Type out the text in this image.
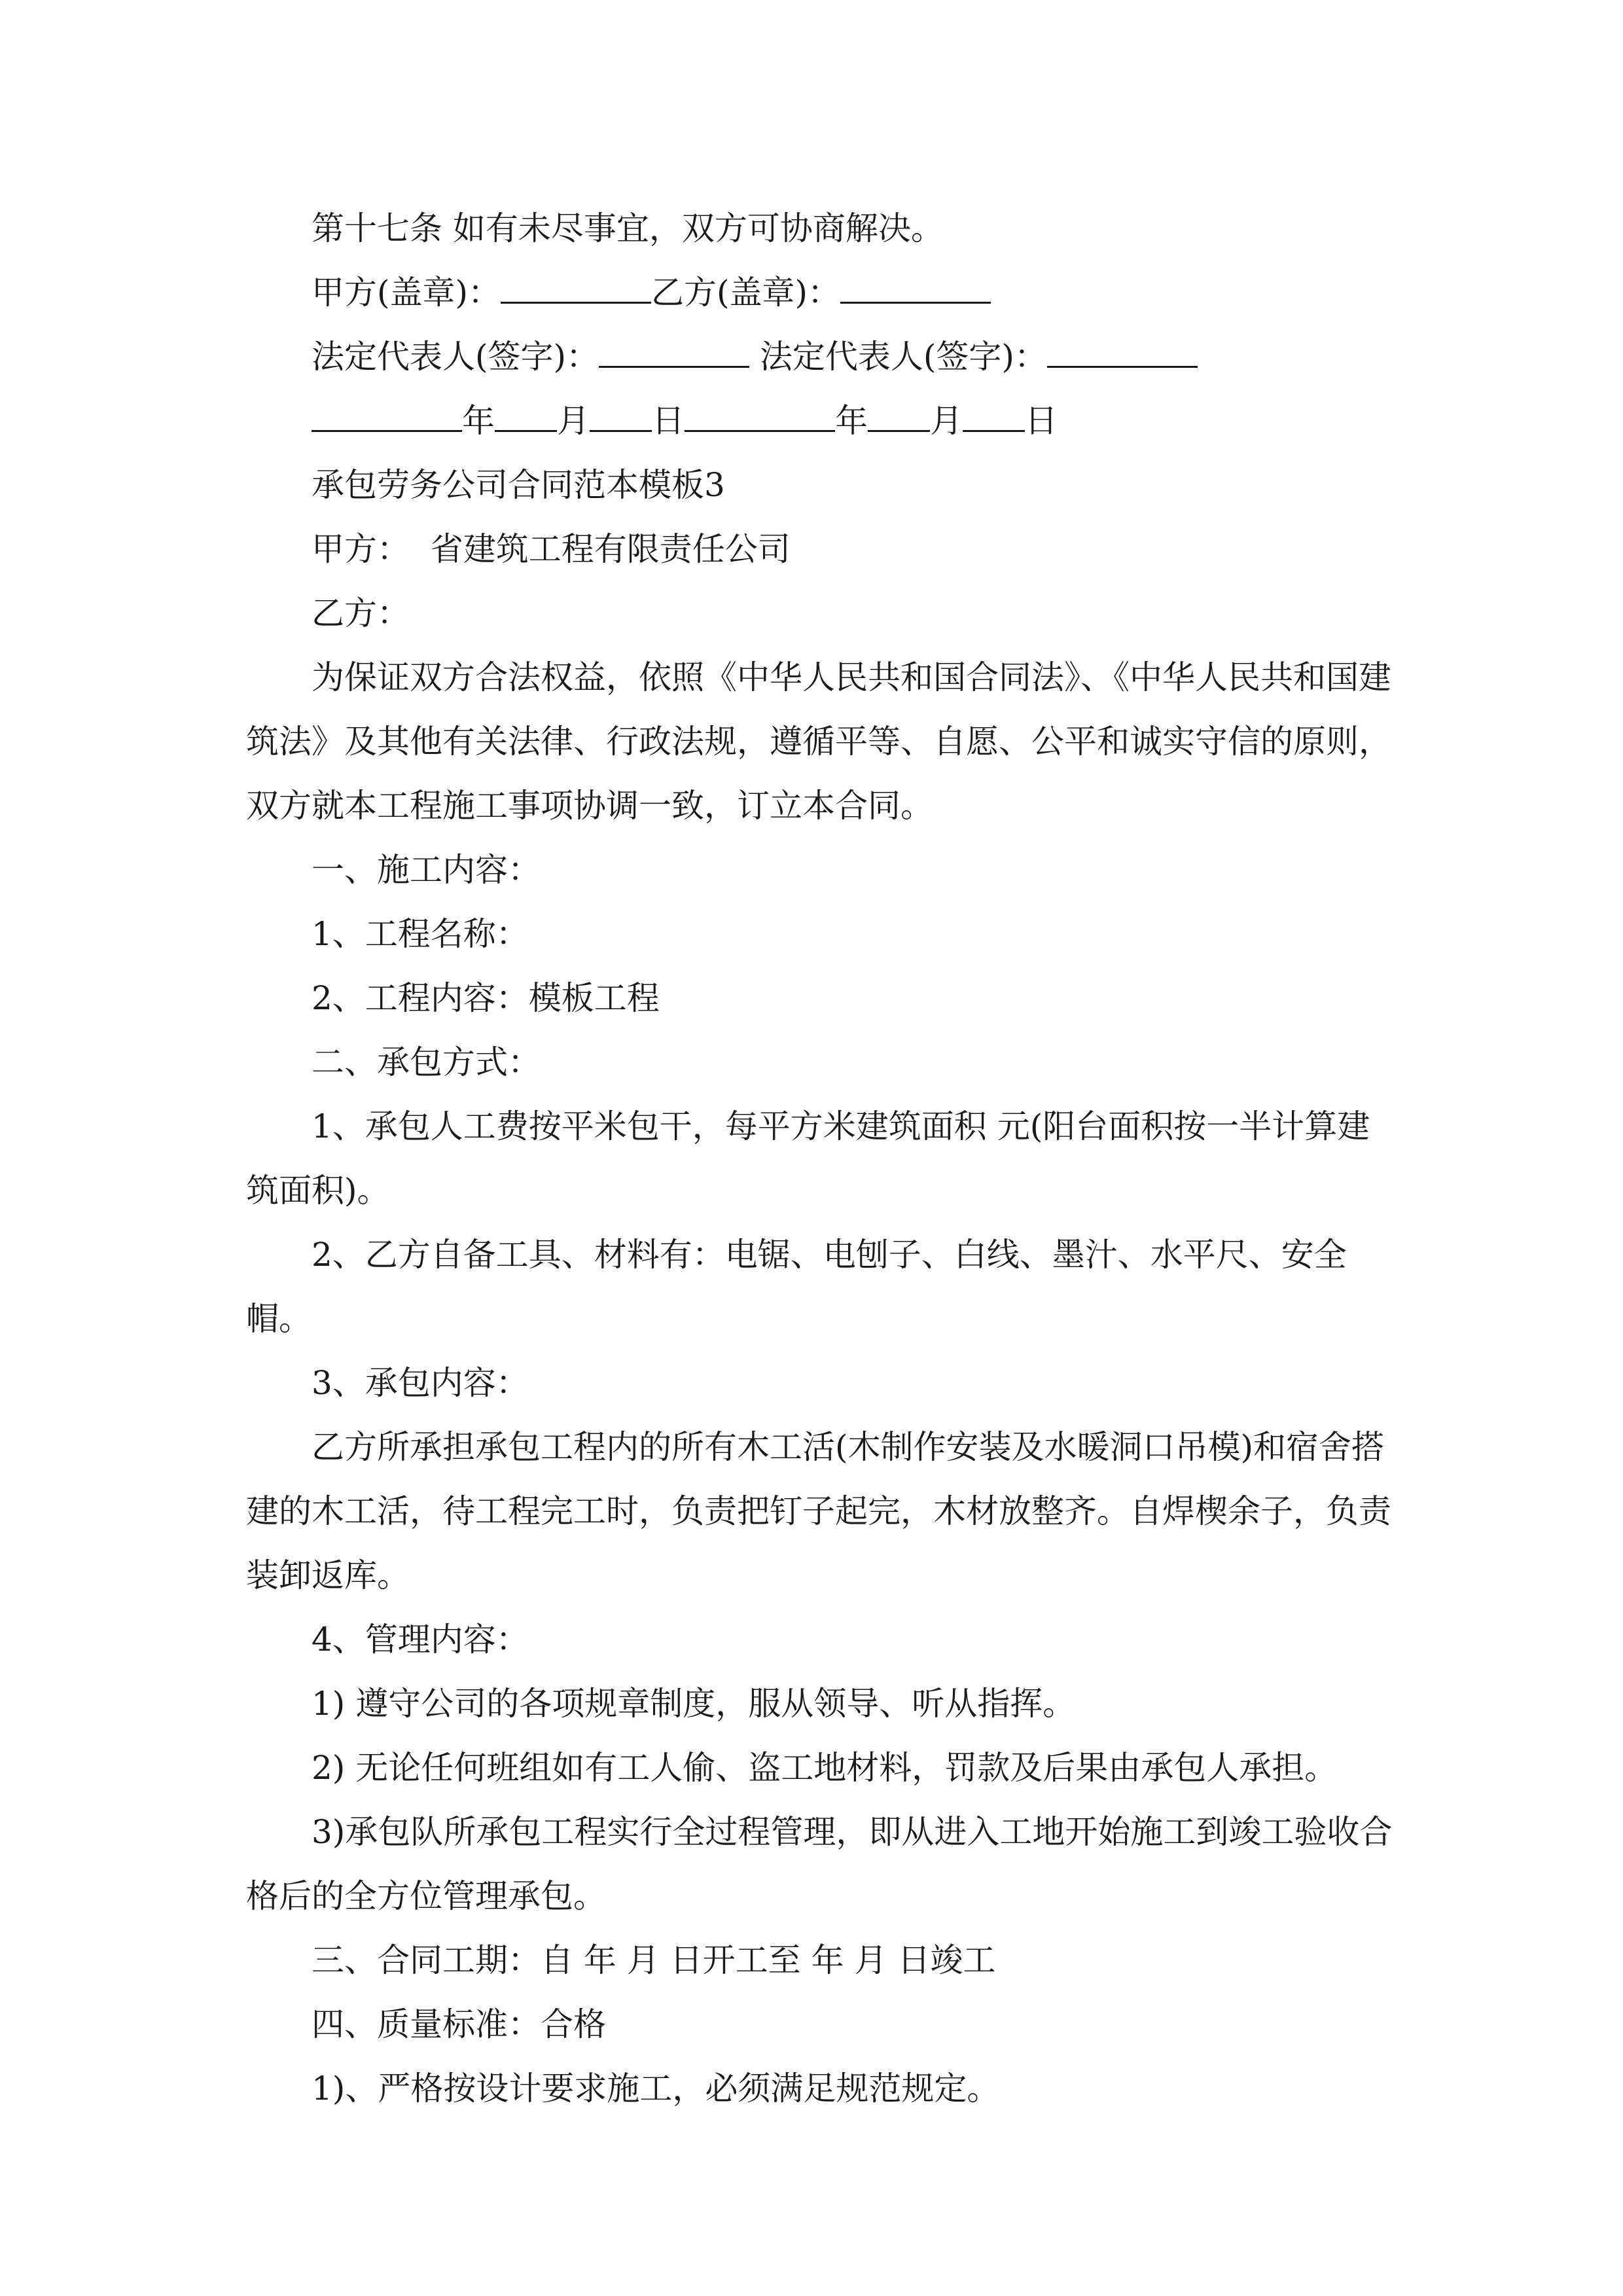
第十七条 如有未尽事宜，双方可协商解决。

甲方(盖章)：	乙方(盖章)：

法定代表人(签字)：	法定代表人(签字)：

年 月 日	年 月 日

承包劳务公司合同范本模板3

甲方：  省建筑工程有限责任公司

乙方：

为保证双方合法权益，依照《中华人民共和国合同法》、《中华人民共和国建筑法》及其他有关法律、行政法规，遵循平等、自愿、公平和诚实守信的原则，双方就本工程施工事项协调一致，订立本合同。

一、施工内容：

1、工程名称：

2、工程内容：模板工程

二、承包方式：

1、承包人工费按平米包干，每平方米建筑面积 元(阳台面积按一半计算建筑面积)。

2、乙方自备工具、材料有：电锯、电刨子、白线、墨汁、水平尺、安全帽。

3、承包内容：

乙方所承担承包工程内的所有木工活(木制作安装及水暖洞口吊模)和宿舍搭建的木工活，待工程完工时，负责把钉子起完，木材放整齐。自焊楔余子，负责装卸返库。

4、管理内容：

1) 遵守公司的各项规章制度，服从领导、听从指挥。

2) 无论任何班组如有工人偷、盗工地材料，罚款及后果由承包人承担。

3)承包队所承包工程实行全过程管理，即从进入工地开始施工到竣工验收合格后的全方位管理承包。

三、合同工期：自 年 月 日开工至 年 月 日竣工

四、质量标准：合格

1)、严格按设计要求施工，必须满足规范规定。
